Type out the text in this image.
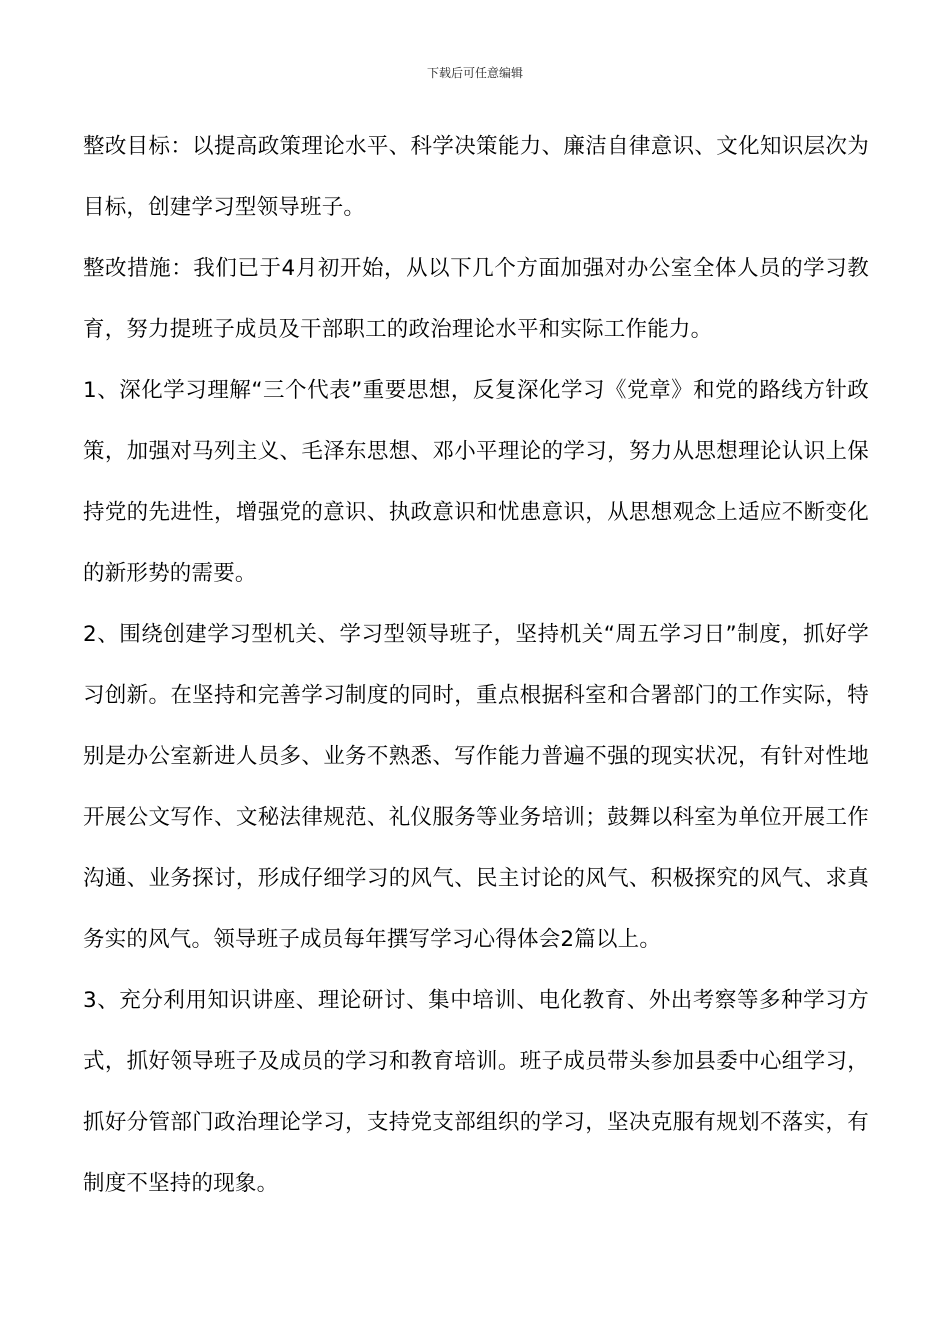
下载后可任意编辑

整改目标：以提高政策理论水平、科学决策能力、廉洁自律意识、文化知识层次为目标，创建学习型领导班子。

整改措施：我们已于4月初开始，从以下几个方面加强对办公室全体人员的学习教育，努力提班子成员及干部职工的政治理论水平和实际工作能力。

1、深化学习理解“三个代表”重要思想，反复深化学习《党章》和党的路线方针政策，加强对马列主义、毛泽东思想、邓小平理论的学习，努力从思想理论认识上保持党的先进性，增强党的意识、执政意识和忧患意识，从思想观念上适应不断变化的新形势的需要。

2、围绕创建学习型机关、学习型领导班子，坚持机关“周五学习日”制度，抓好学习创新。在坚持和完善学习制度的同时，重点根据科室和合署部门的工作实际，特别是办公室新进人员多、业务不熟悉、写作能力普遍不强的现实状况，有针对性地开展公文写作、文秘法律规范、礼仪服务等业务培训；鼓舞以科室为单位开展工作沟通、业务探讨，形成仔细学习的风气、民主讨论的风气、积极探究的风气、求真务实的风气。领导班子成员每年撰写学习心得体会2篇以上。

3、充分利用知识讲座、理论研讨、集中培训、电化教育、外出考察等多种学习方式，抓好领导班子及成员的学习和教育培训。班子成员带头参加县委中心组学习，抓好分管部门政治理论学习，支持党支部组织的学习，坚决克服有规划不落实，有制度不坚持的现象。
